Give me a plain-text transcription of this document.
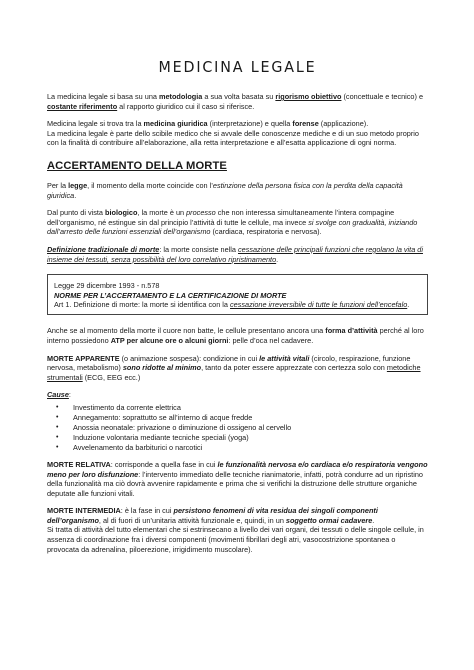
MEDICINA LEGALE

La medicina legale si basa su una metodologia a sua volta basata su rigorismo obiettivo (concettuale e tecnico) e costante riferimento al rapporto giuridico cui il caso si riferisce.

Medicina legale si trova tra la medicina giuridica (interpretazione) e quella forense (applicazione).
La medicina legale è parte dello scibile medico che si avvale delle conoscenze mediche e di un suo metodo proprio con la finalità di contribuire all’elaborazione, alla retta interpretazione e all’esatta applicazione di ogni norma.

ACCERTAMENTO DELLA MORTE

Per la legge, il momento della morte coincide con l’estinzione della persona fisica con la perdita della capacità giuridica.

Dal punto di vista biologico, la morte è un processo che non interessa simultaneamente l’intera compagine dell’organismo, né estingue sin dal principio l’attività di tutte le cellule, ma invece si svolge con gradualità, iniziando dall’arresto delle funzioni essenziali dell’organismo (cardiaca, respiratoria e nervosa).

Definizione tradizionale di morte: la morte consiste nella cessazione delle principali funzioni che regolano la vita di insieme dei tessuti, senza possibilità del loro correlativo ripristinamento.

Legge 29 dicembre 1993 - n.578
NORME PER L’ACCERTAMENTO E LA CERTIFICAZIONE DI MORTE
Art 1. Definizione di morte: la morte si identifica con la cessazione irreversibile di tutte le funzioni dell’encefalo.

Anche se al momento della morte il cuore non batte, le cellule presentano ancora una forma d’attività perché al loro interno possiedono ATP per alcune ore o alcuni giorni: pelle d’oca nel cadavere.

MORTE APPARENTE (o animazione sospesa): condizione in cui le attività vitali (circolo, respirazione, funzione nervosa, metabolismo) sono ridotte al minimo, tanto da poter essere apprezzate con certezza solo con metodiche strumentali (ECG, EEG ecc.)

Cause:

• Investimento da corrente elettrica
• Annegamento: soprattutto se all’interno di acque fredde
• Anossia neonatale: privazione o diminuzione di ossigeno al cervello
• Induzione volontaria mediante tecniche speciali (yoga)
• Avvelenamento da barbiturici o narcotici

MORTE RELATIVA: corrisponde a quella fase in cui le funzionalità nervosa e/o cardiaca e/o respiratoria vengono meno per loro disfunzione: l’intervento immediato delle tecniche rianimatorie, infatti, potrà condurre ad un ripristino della funzionalità ma ciò dovrà avvenire rapidamente e prima che si verifichi la distruzione delle strutture organiche deputate alle funzioni vitali.

MORTE INTERMEDIA: è la fase in cui persistono fenomeni di vita residua dei singoli componenti dell’organismo, al di fuori di un’unitaria attività funzionale e, quindi, in un soggetto ormai cadavere.
Si tratta di attività del tutto elementari che si estrinsecano a livello dei vari organi, dei tessuti o delle singole cellule, in assenza di coordinazione fra i diversi componenti (movimenti fibrillari degli atri, vasocostrizione spontanea o provocata da adrenalina, piloerezione, irrigidimento muscolare).
